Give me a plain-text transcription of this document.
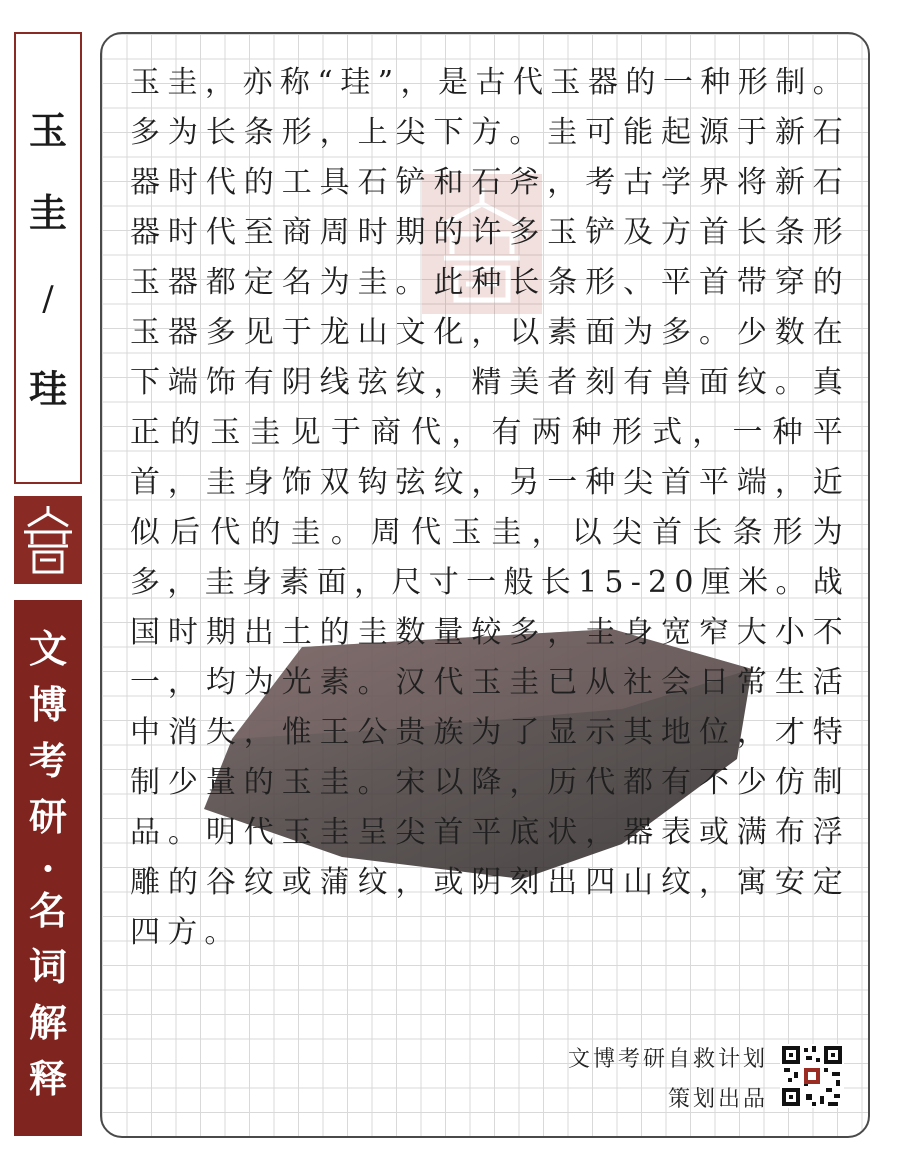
玉
圭
/
珪
文
博
考
研
·
名
词
解
释
玉圭，亦称“珪”，是古代玉器的一种形制。多为长条形，上尖下方。圭可能起源于新石器时代的工具石铲和石斧，考古学界将新石器时代至商周时期的许多玉铲及方首长条形玉器都定名为圭。此种长条形、平首带穿的玉器多见于龙山文化，以素面为多。少数在下端饰有阴线弦纹，精美者刻有兽面纹。真正的玉圭见于商代，有两种形式，一种平首，圭身饰双钩弦纹，另一种尖首平端，近似后代的圭。周代玉圭，以尖首长条形为多，圭身素面，尺寸一般长15-20厘米。战国时期出土的圭数量较多，圭身宽窄大小不一，均为光素。汉代玉圭已从社会日常生活中消失，惟王公贵族为了显示其地位，才特制少量的玉圭。宋以降，历代都有不少仿制品。明代玉圭呈尖首平底状，器表或满布浮雕的谷纹或蒲纹，或阴刻出四山纹，寓安定四方。
文博考研自救计划
策划出品
